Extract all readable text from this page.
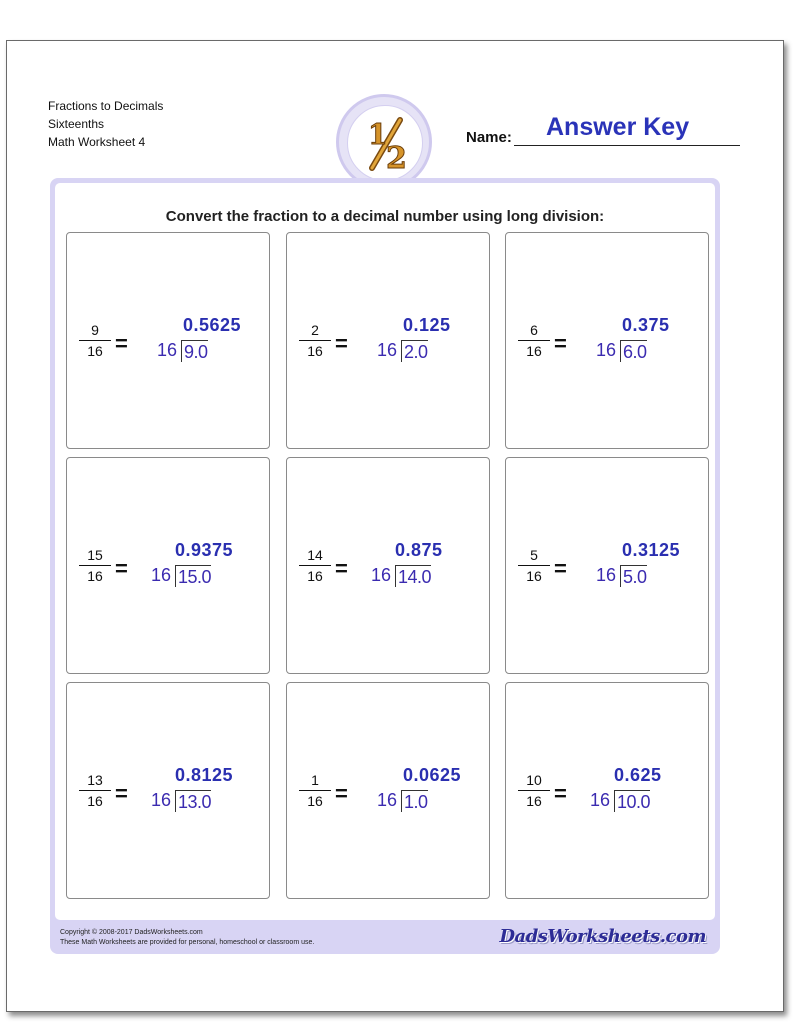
Fractions to Decimals
Sixteenths
Math Worksheet 4	1
2
Name: Answer Key
Convert the fraction to a decimal number using long division:
9
16 =
0.5625
16 9.0
2
16 =
0.125
16 2.0
6
16 =
0.375
16 6.0
15
16 =
0.9375
16 15.0
14
16 =
0.875
16 14.0
5
16 =
0.3125
16 5.0
13
16 =
0.8125
16 13.0
1
16 =
0.0625
16 1.0
10
16 =
0.625
16 10.0
Copyright © 2008-2017 DadsWorksheets.com
These Math Worksheets are provided for personal, homeschool or classroom use.	DadsWorksheets.com
